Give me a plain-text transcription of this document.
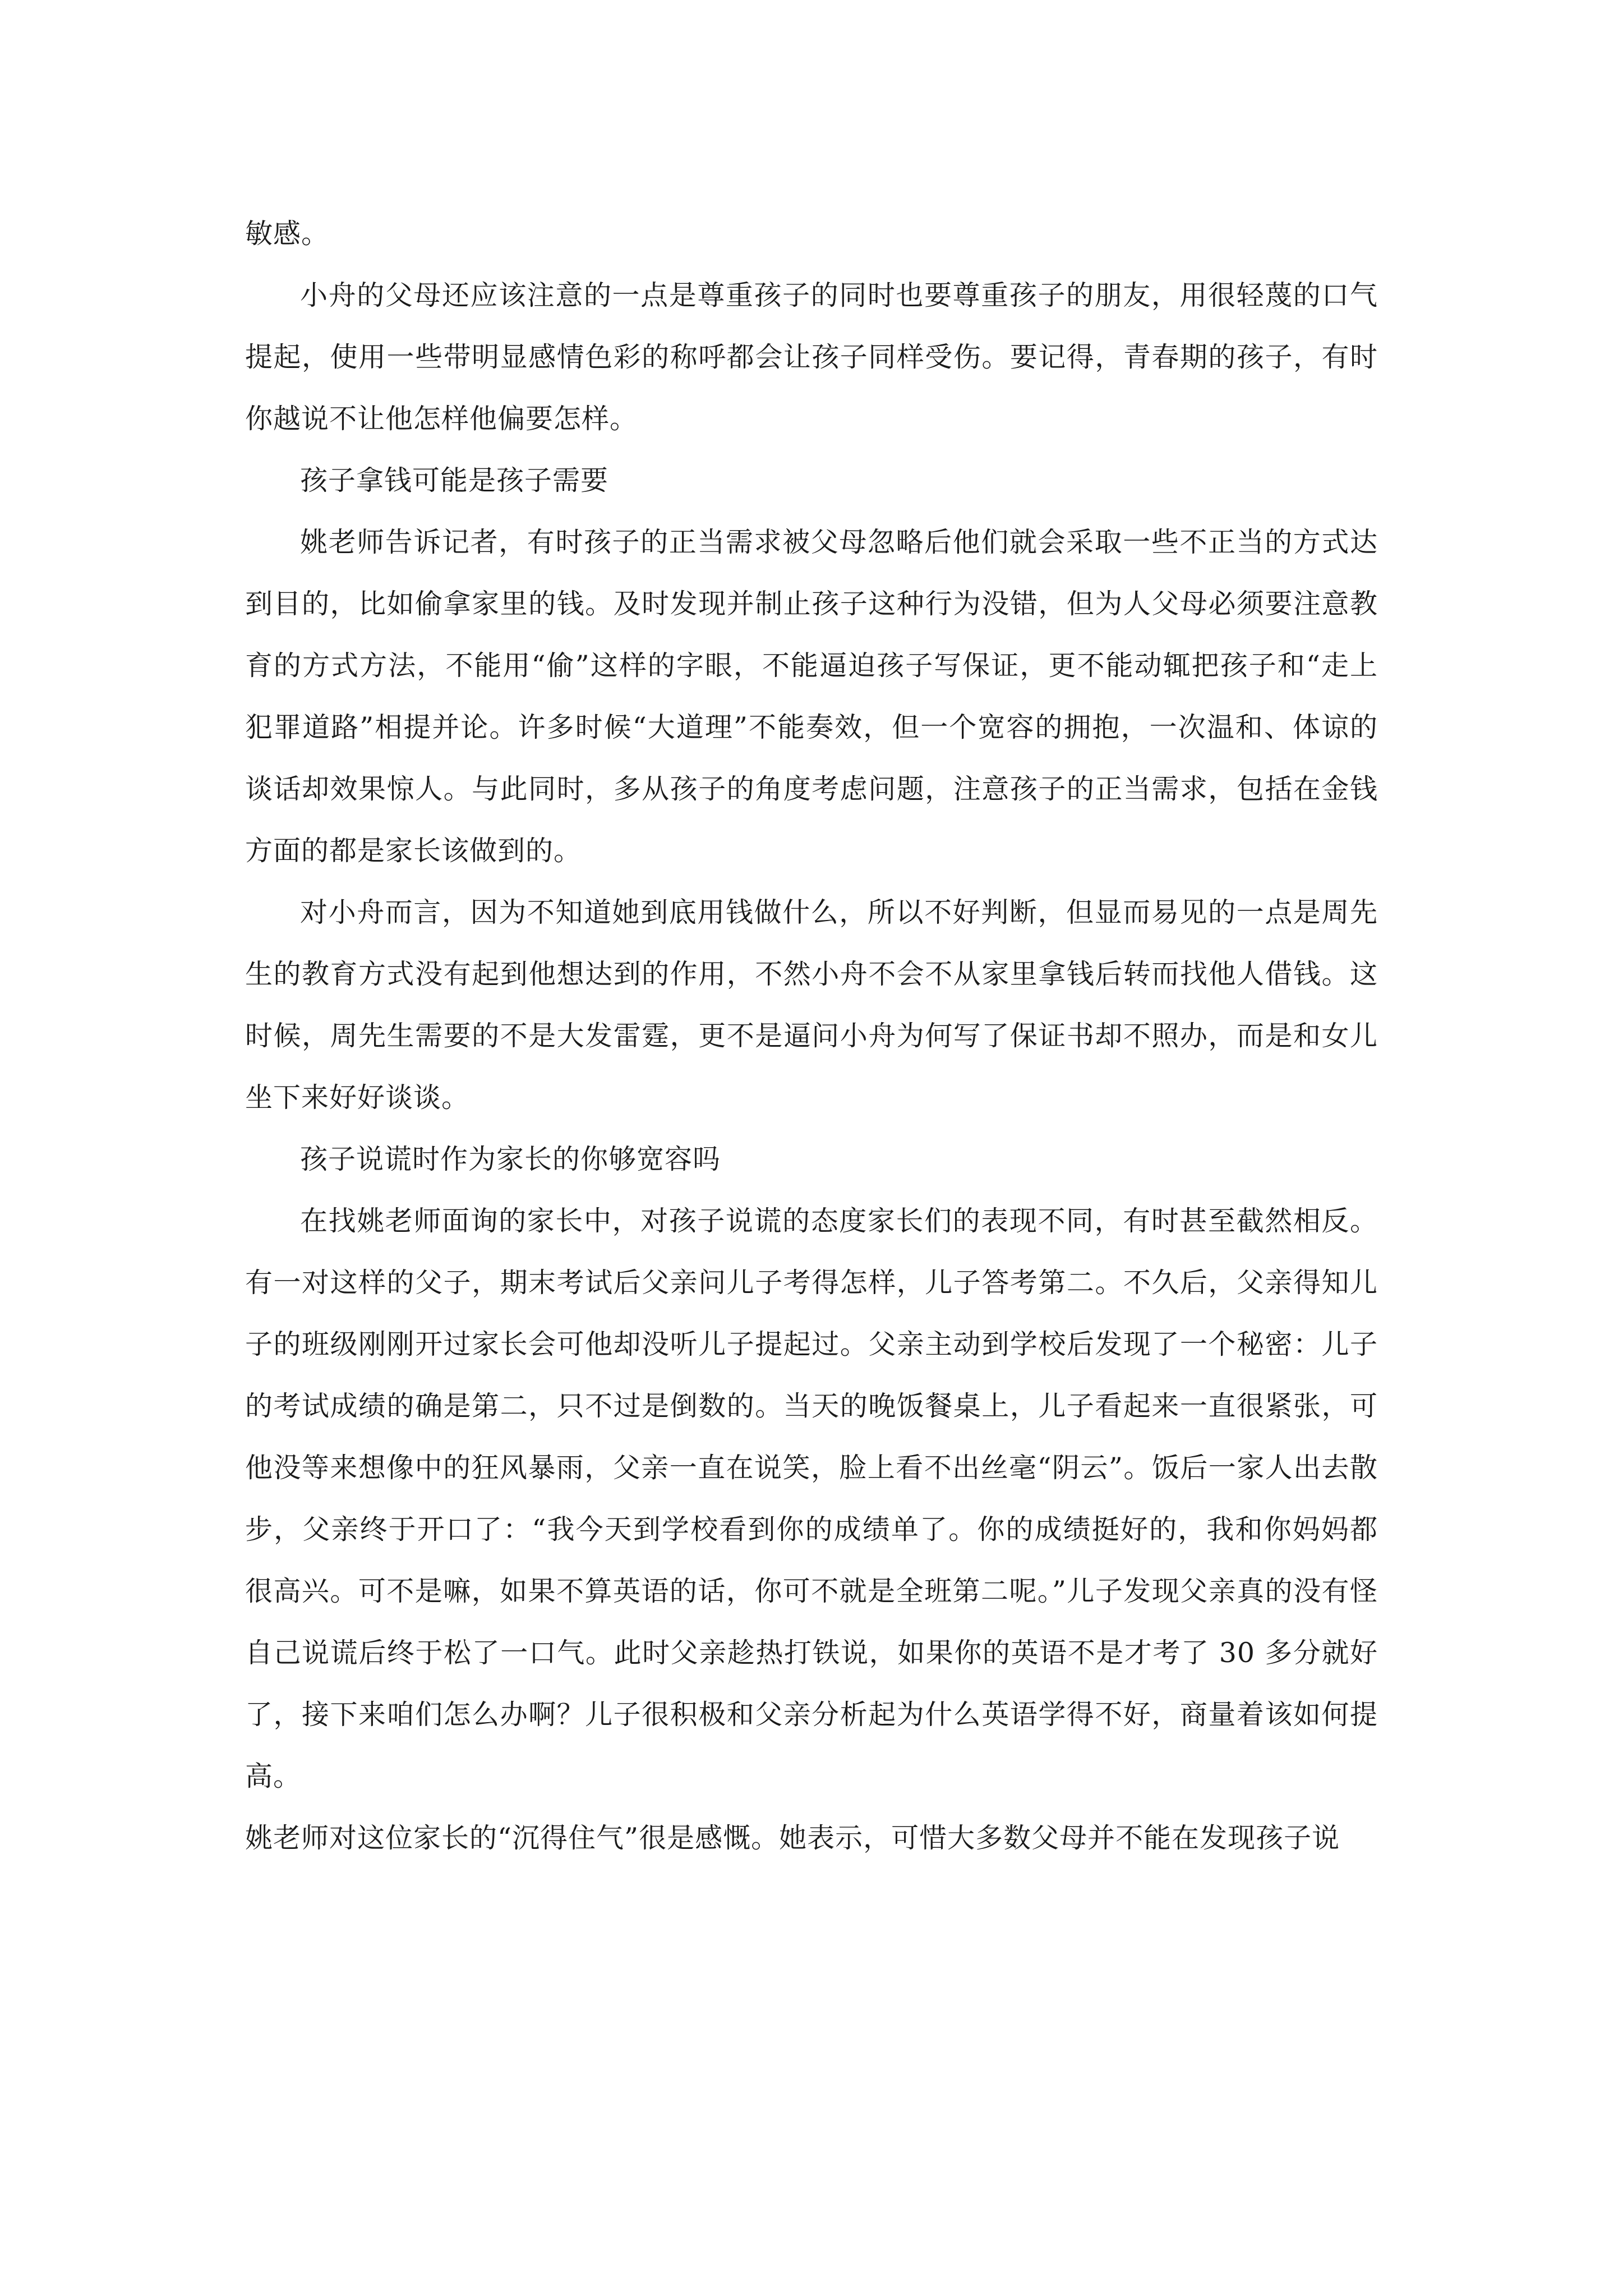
敏感。

小舟的父母还应该注意的一点是尊重孩子的同时也要尊重孩子的朋友，用很轻蔑的口气提起，使用一些带明显感情色彩的称呼都会让孩子同样受伤。要记得，青春期的孩子，有时你越说不让他怎样他偏要怎样。

孩子拿钱可能是孩子需要

姚老师告诉记者，有时孩子的正当需求被父母忽略后他们就会采取一些不正当的方式达到目的，比如偷拿家里的钱。及时发现并制止孩子这种行为没错，但为人父母必须要注意教育的方式方法，不能用“偷”这样的字眼，不能逼迫孩子写保证，更不能动辄把孩子和“走上犯罪道路”相提并论。许多时候“大道理”不能奏效，但一个宽容的拥抱，一次温和、体谅的谈话却效果惊人。与此同时，多从孩子的角度考虑问题，注意孩子的正当需求，包括在金钱方面的都是家长该做到的。

对小舟而言，因为不知道她到底用钱做什么，所以不好判断，但显而易见的一点是周先生的教育方式没有起到他想达到的作用，不然小舟不会不从家里拿钱后转而找他人借钱。这时候，周先生需要的不是大发雷霆，更不是逼问小舟为何写了保证书却不照办，而是和女儿坐下来好好谈谈。

孩子说谎时作为家长的你够宽容吗

在找姚老师面询的家长中，对孩子说谎的态度家长们的表现不同，有时甚至截然相反。有一对这样的父子，期末考试后父亲问儿子考得怎样，儿子答考第二。不久后，父亲得知儿子的班级刚刚开过家长会可他却没听儿子提起过。父亲主动到学校后发现了一个秘密：儿子的考试成绩的确是第二，只不过是倒数的。当天的晚饭餐桌上，儿子看起来一直很紧张，可他没等来想像中的狂风暴雨，父亲一直在说笑，脸上看不出丝毫“阴云”。饭后一家人出去散步，父亲终于开口了：“我今天到学校看到你的成绩单了。你的成绩挺好的，我和你妈妈都很高兴。可不是嘛，如果不算英语的话，你可不就是全班第二呢。”儿子发现父亲真的没有怪自己说谎后终于松了一口气。此时父亲趁热打铁说，如果你的英语不是才考了 30 多分就好了，接下来咱们怎么办啊？儿子很积极和父亲分析起为什么英语学得不好，商量着该如何提高。

姚老师对这位家长的“沉得住气”很是感慨。她表示，可惜大多数父母并不能在发现孩子说
